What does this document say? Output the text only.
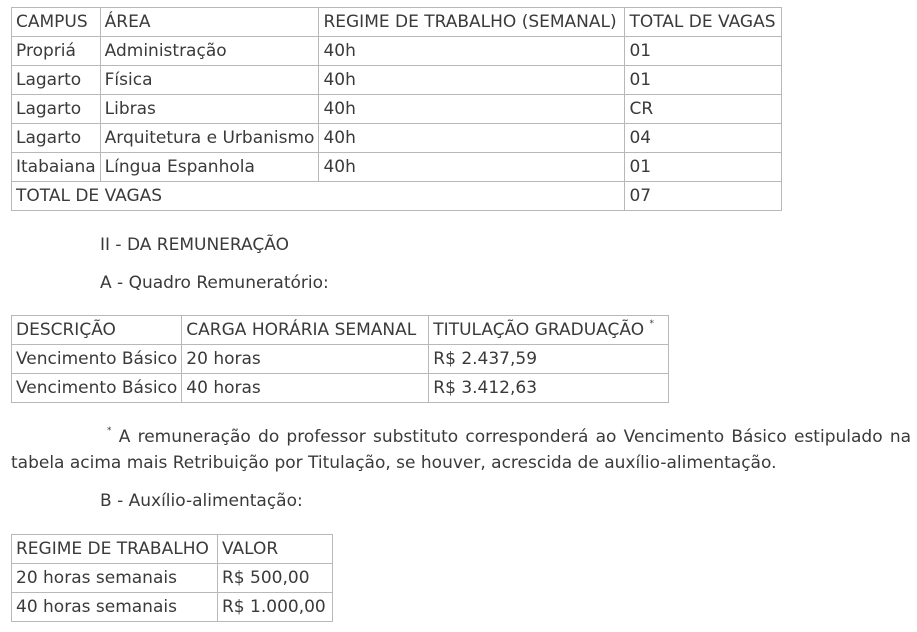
CAMPUS	ÁREA	REGIME DE TRABALHO (SEMANAL)	TOTAL DE VAGAS
Propriá	Administração	40h	01
Lagarto	Física	40h	01
Lagarto	Libras	40h	CR
Lagarto	Arquitetura e Urbanismo	40h	04
Itabaiana	Língua Espanhola	40h	01
TOTAL DE VAGAS			07
II - DA REMUNERAÇÃO
A - Quadro Remuneratório:
DESCRIÇÃO	CARGA HORÁRIA SEMANAL	TITULAÇÃO GRADUAÇÃO *
Vencimento Básico	20 horas	R$ 2.437,59
Vencimento Básico	40 horas	R$ 3.412,63
* A remuneração do professor substituto corresponderá ao Vencimento Básico estipulado na
tabela acima mais Retribuição por Titulação, se houver, acrescida de auxílio-alimentação.
B - Auxílio-alimentação:
REGIME DE TRABALHO	VALOR
20 horas semanais	R$ 500,00
40 horas semanais	R$ 1.000,00
